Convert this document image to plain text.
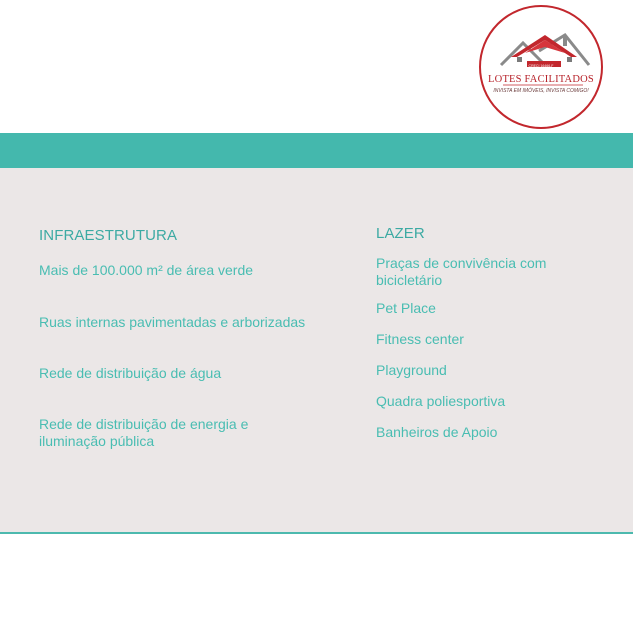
CRECI 16466-F
LOTES FACILITADOS
INVISTA EM IMÓVEIS, INVISTA COMIGO!
INFRAESTRUTURA
Mais de 100.000 m² de área verde
Ruas internas pavimentadas e arborizadas
Rede de distribuição de água
Rede de distribuição de energia e iluminação pública
LAZER
Praças de convivência com bicicletário
Pet Place
Fitness center
Playground
Quadra poliesportiva
Banheiros de Apoio
